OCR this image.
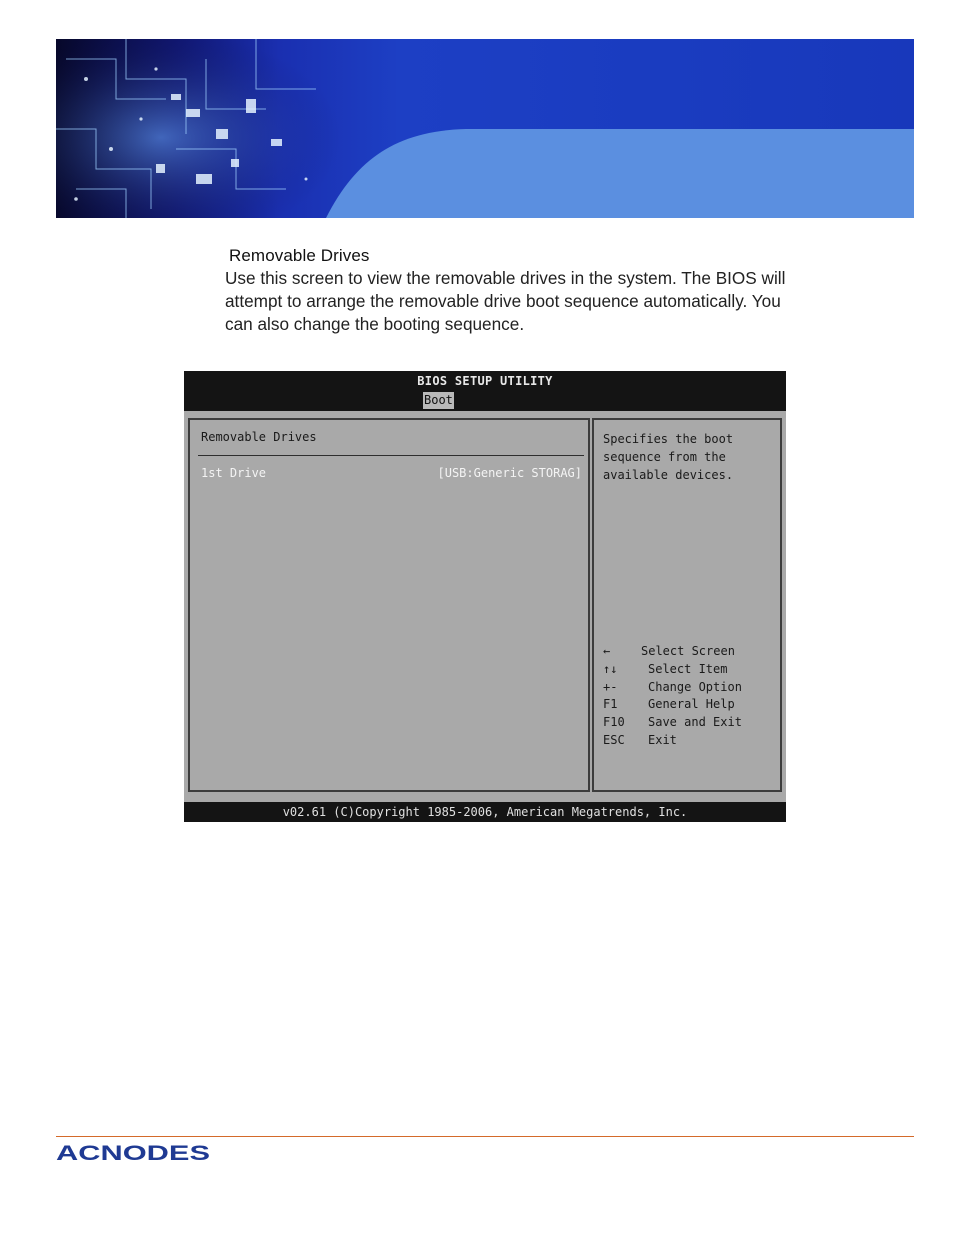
Removable Drives
Use this screen to view the removable drives in the system. The BIOS will attempt to arrange the removable drive boot sequence automatically. You can also change the booting sequence.
BIOS SETUP UTILITY
Boot
Removable Drives
1st Drive	[USB:Generic STORAG]
Specifies the boot sequence from the available devices.
←	Select Screen
↑↓	Select Item
+-	Change Option
F1	General Help
F10 Save and Exit
ESC Exit
v02.61 (C)Copyright 1985-2006, American Megatrends, Inc.
ACNODES
